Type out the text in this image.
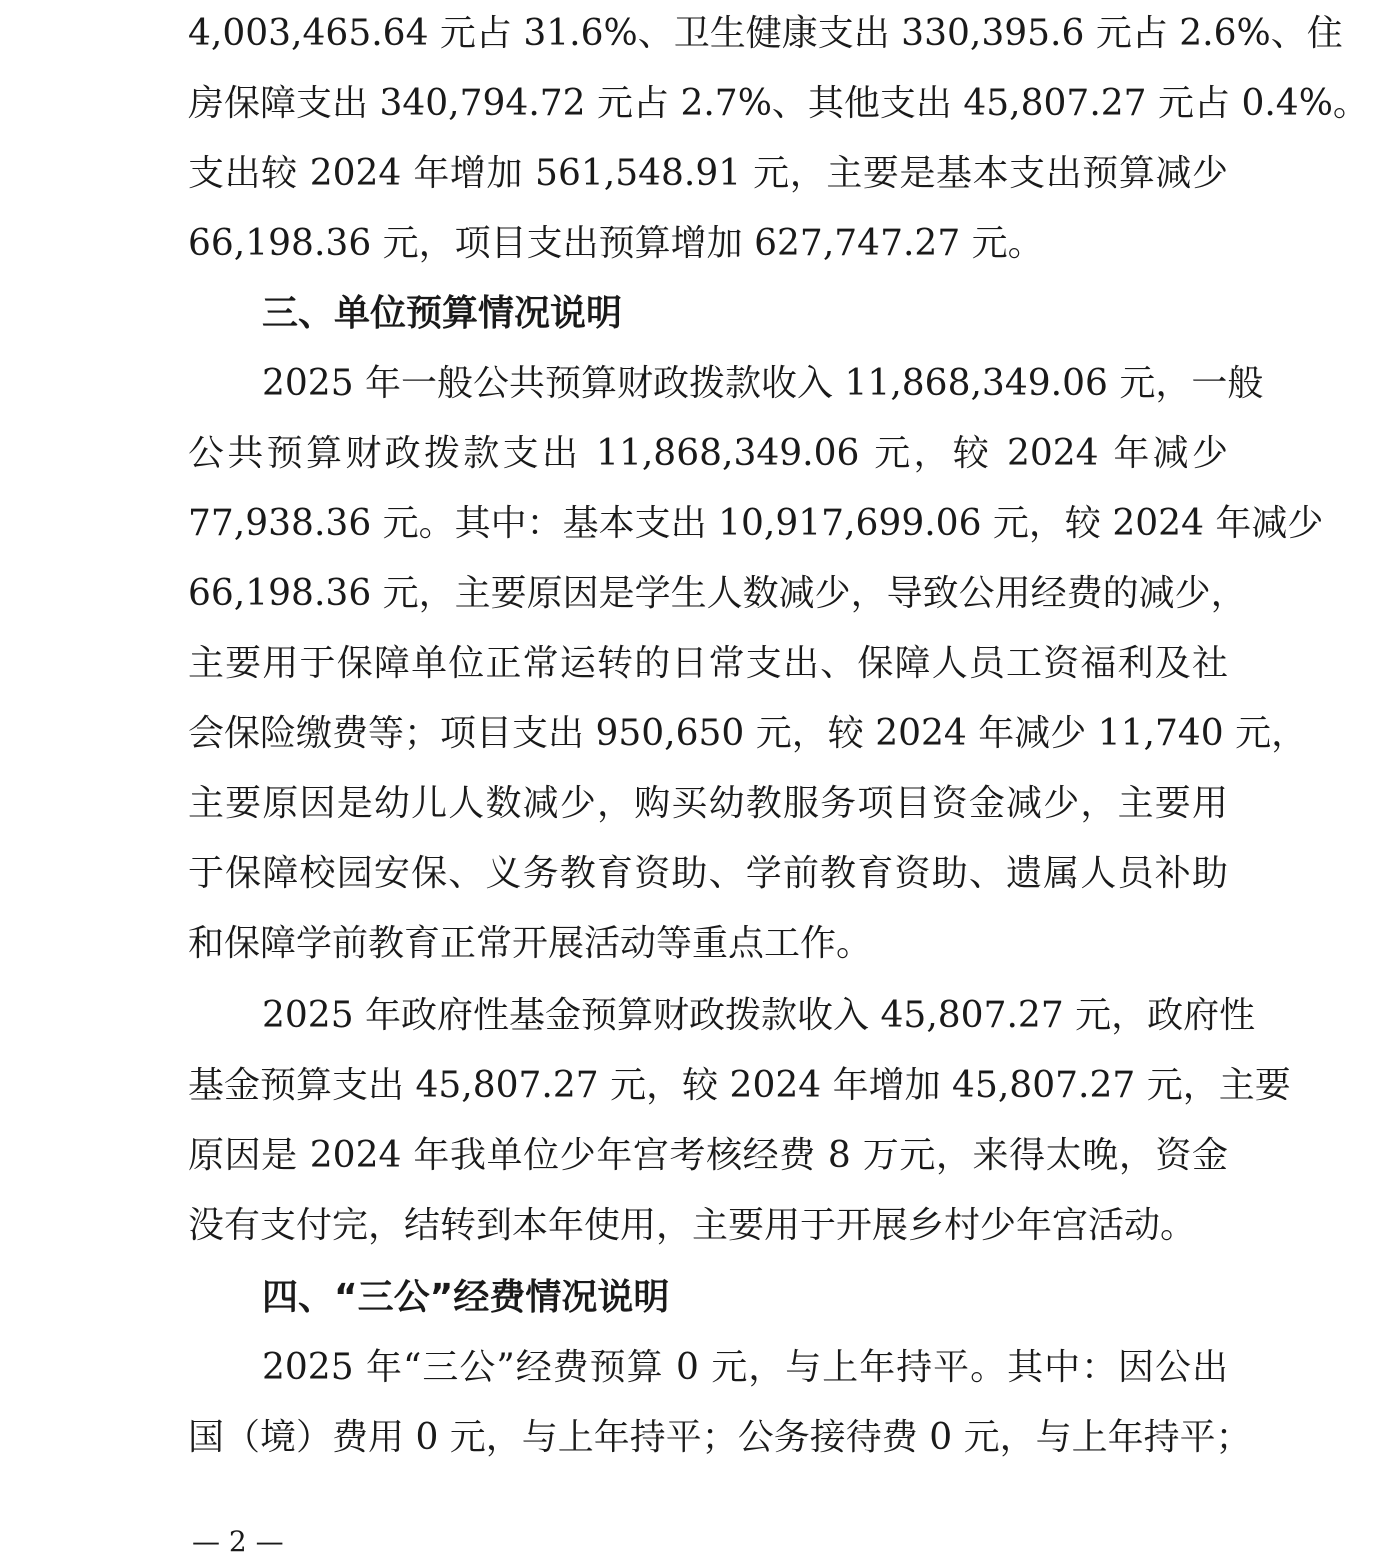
4,003,465.64 元占 31.6%、卫生健康支出 330,395.6 元占 2.6%、住
房保障支出 340,794.72 元占 2.7%、其他支出 45,807.27 元占 0.4%。
支出较 2024 年增加 561,548.91 元，主要是基本支出预算减少
66,198.36 元，项目支出预算增加 627,747.27 元。
三、单位预算情况说明
2025 年一般公共预算财政拨款收入 11,868,349.06 元，一般
公共预算财政拨款支出 11,868,349.06 元，较 2024 年减少
77,938.36 元。其中：基本支出 10,917,699.06 元，较 2024 年减少
66,198.36 元，主要原因是学生人数减少，导致公用经费的减少，
主要用于保障单位正常运转的日常支出、保障人员工资福利及社
会保险缴费等；项目支出 950,650 元，较 2024 年减少 11,740 元，
主要原因是幼儿人数减少，购买幼教服务项目资金减少，主要用
于保障校园安保、义务教育资助、学前教育资助、遗属人员补助
和保障学前教育正常开展活动等重点工作。
2025 年政府性基金预算财政拨款收入 45,807.27 元，政府性
基金预算支出 45,807.27 元，较 2024 年增加 45,807.27 元，主要
原因是 2024 年我单位少年宫考核经费 8 万元，来得太晚，资金
没有支付完，结转到本年使用，主要用于开展乡村少年宫活动。
四、“三公”经费情况说明
2025 年“三公”经费预算 0 元，与上年持平。其中：因公出
国（境）费用 0 元，与上年持平；公务接待费 0 元，与上年持平；
— 2 —
